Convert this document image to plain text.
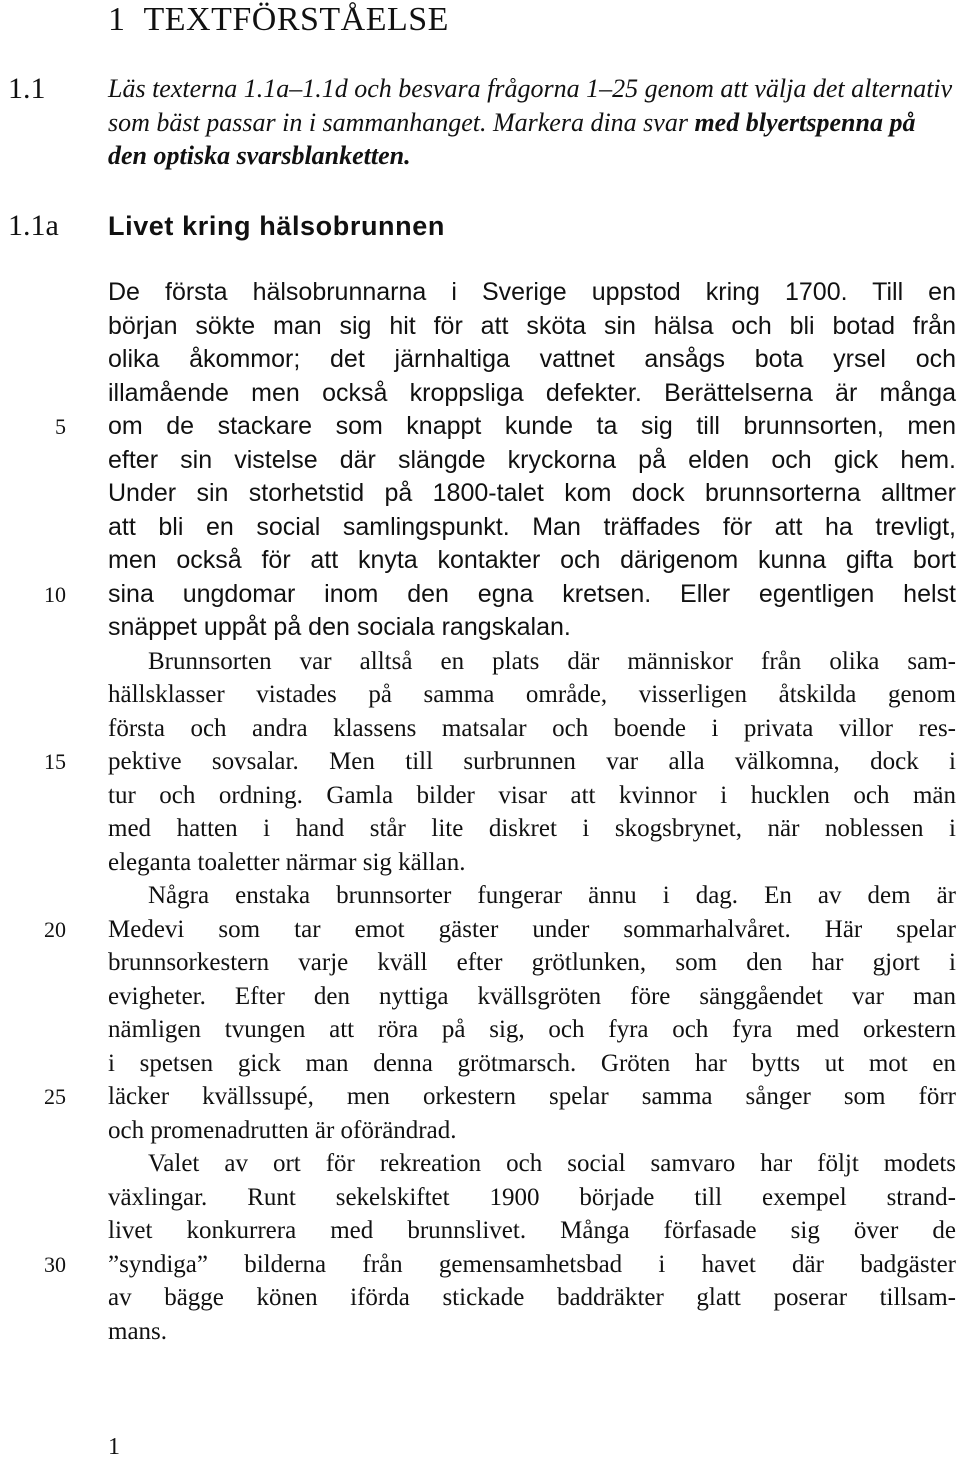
1 TEXTFÖRSTÅELSE
1.1 Läs texterna 1.1a–1.1d och besvara frågorna 1–25 genom att välja det alternativ som bäst passar in i sammanhanget. Markera dina svar med blyertspenna på den optiska svarsblanketten.
1.1a Livet kring hälsobrunnen
De första hälsobrunnarna i Sverige uppstod kring 1700. Till en
början sökte man sig hit för att sköta sin hälsa och bli botad från
olika åkommor; det järnhaltiga vattnet ansågs bota yrsel och
illamående men också kroppsliga defekter. Berättelserna är många
om de stackare som knappt kunde ta sig till brunnsorten, men
efter sin vistelse där slängde kryckorna på elden och gick hem.
Under sin storhetstid på 1800-talet kom dock brunnsorterna alltmer
att bli en social samlingspunkt. Man träffades för att ha trevligt,
men också för att knyta kontakter och därigenom kunna gifta bort
sina ungdomar inom den egna kretsen. Eller egentligen helst
snäppet uppåt på den sociala rangskalan.
Brunnsorten var alltså en plats där människor från olika sam-
hällsklasser vistades på samma område, visserligen åtskilda genom
första och andra klassens matsalar och boende i privata villor res-
pektive sovsalar. Men till surbrunnen var alla välkomna, dock i
tur och ordning. Gamla bilder visar att kvinnor i hucklen och män
med hatten i hand står lite diskret i skogsbrynet, när noblessen i
eleganta toaletter närmar sig källan.
Några enstaka brunnsorter fungerar ännu i dag. En av dem är
Medevi som tar emot gäster under sommarhalvåret. Här spelar
brunnsorkestern varje kväll efter grötlunken, som den har gjort i
evigheter. Efter den nyttiga kvällsgröten före sänggåendet var man
nämligen tvungen att röra på sig, och fyra och fyra med orkestern
i spetsen gick man denna grötmarsch. Gröten har bytts ut mot en
läcker kvällssupé, men orkestern spelar samma sånger som förr
och promenadrutten är oförändrad.
Valet av ort för rekreation och social samvaro har följt modets
växlingar. Runt sekelskiftet 1900 började till exempel strand-
livet konkurrera med brunnslivet. Många förfasade sig över de
”syndiga” bilderna från gemensamhetsbad i havet där badgäster
av bägge könen iförda stickade baddräkter glatt poserar tillsam-
mans.
5
10
15
20
25
30
1
